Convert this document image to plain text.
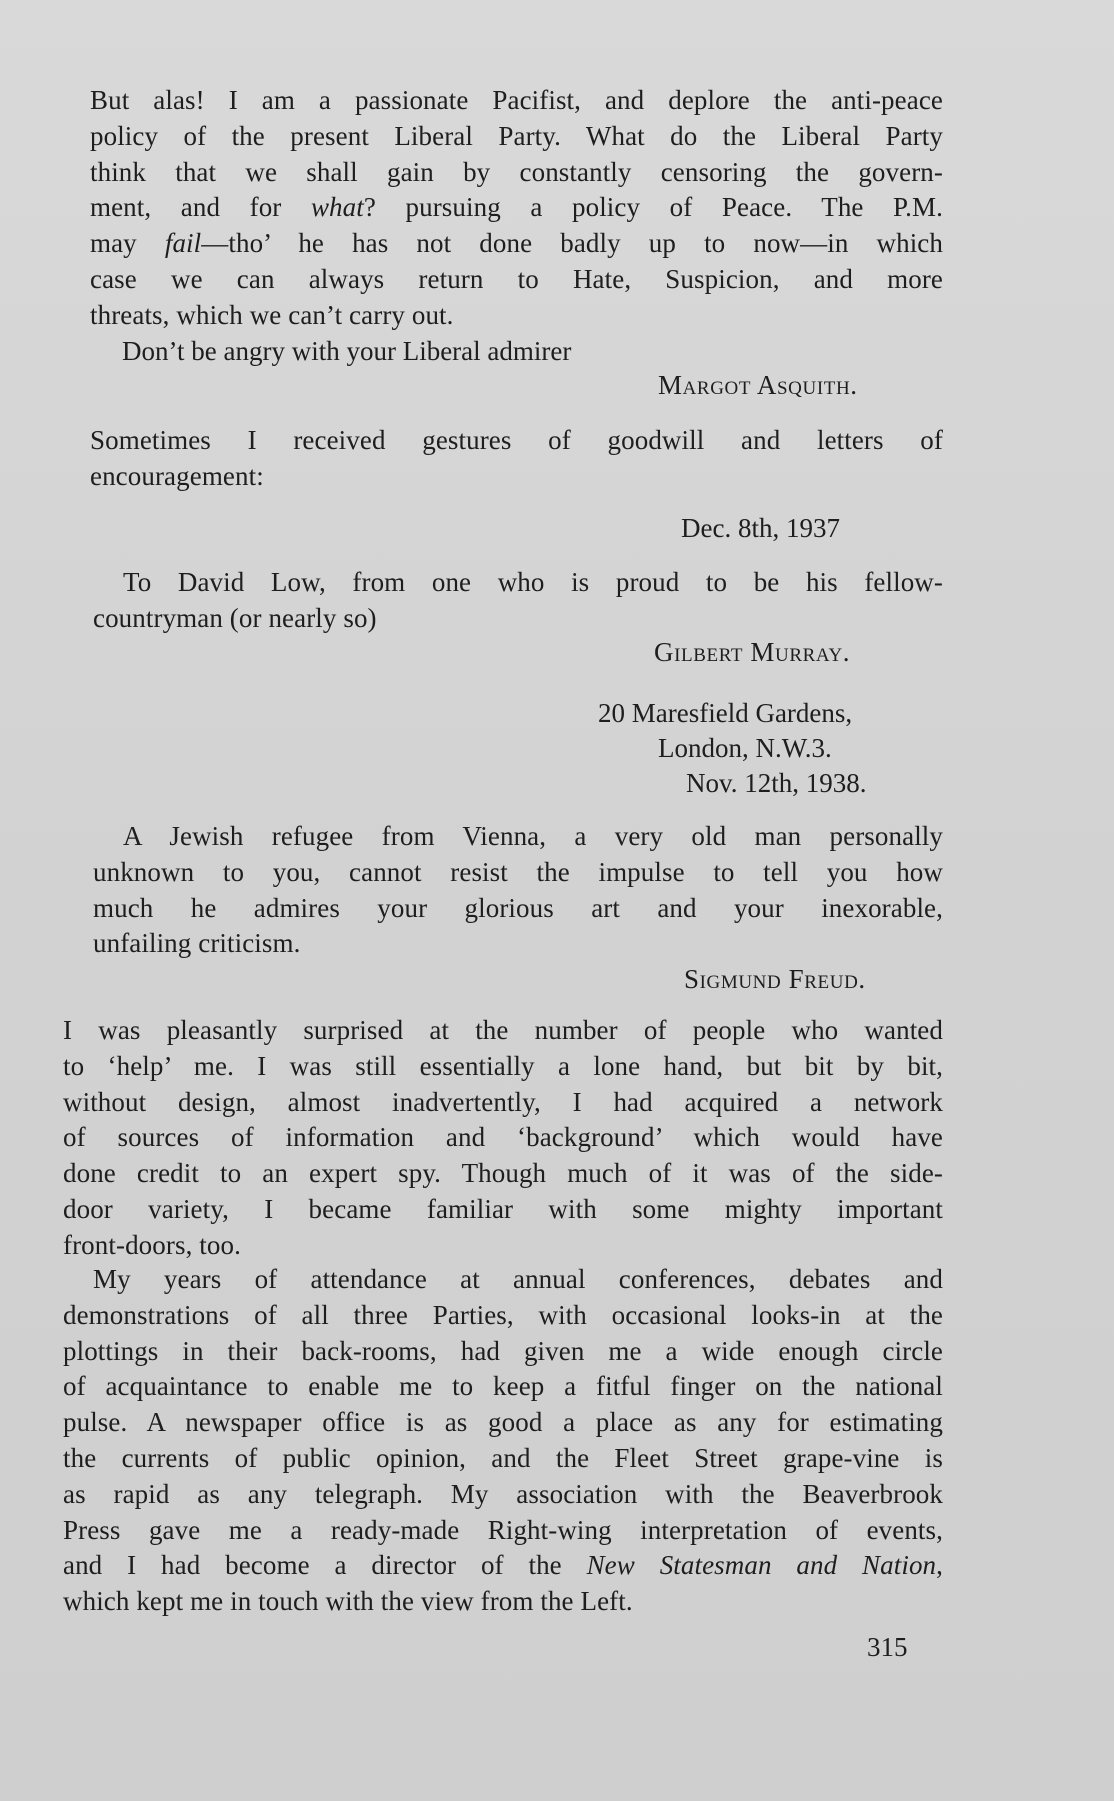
But alas! I am a passionate Pacifist, and deplore the anti-peace
policy of the present Liberal Party. What do the Liberal Party
think that we shall gain by constantly censoring the govern-
ment, and for what? pursuing a policy of Peace. The P.M.
may fail—tho’ he has not done badly up to now—in which
case we can always return to Hate, Suspicion, and more
threats, which we can’t carry out.
Don’t be angry with your Liberal admirer
Margot Asquith.
Sometimes I received gestures of goodwill and letters of
encouragement:
Dec. 8th, 1937
To David Low, from one who is proud to be his fellow-
countryman (or nearly so)
Gilbert Murray.
20 Maresfield Gardens,
London, N.W.3.
Nov. 12th, 1938.
A Jewish refugee from Vienna, a very old man personally
unknown to you, cannot resist the impulse to tell you how
much he admires your glorious art and your inexorable,
unfailing criticism.
Sigmund Freud.
I was pleasantly surprised at the number of people who wanted
to ‘help’ me. I was still essentially a lone hand, but bit by bit,
without design, almost inadvertently, I had acquired a network
of sources of information and ‘background’ which would have
done credit to an expert spy. Though much of it was of the side-
door variety, I became familiar with some mighty important
front-doors, too.
My years of attendance at annual conferences, debates and
demonstrations of all three Parties, with occasional looks-in at the
plottings in their back-rooms, had given me a wide enough circle
of acquaintance to enable me to keep a fitful finger on the national
pulse. A newspaper office is as good a place as any for estimating
the currents of public opinion, and the Fleet Street grape-vine is
as rapid as any telegraph. My association with the Beaverbrook
Press gave me a ready-made Right-wing interpretation of events,
and I had become a director of the New Statesman and Nation,
which kept me in touch with the view from the Left.
315
